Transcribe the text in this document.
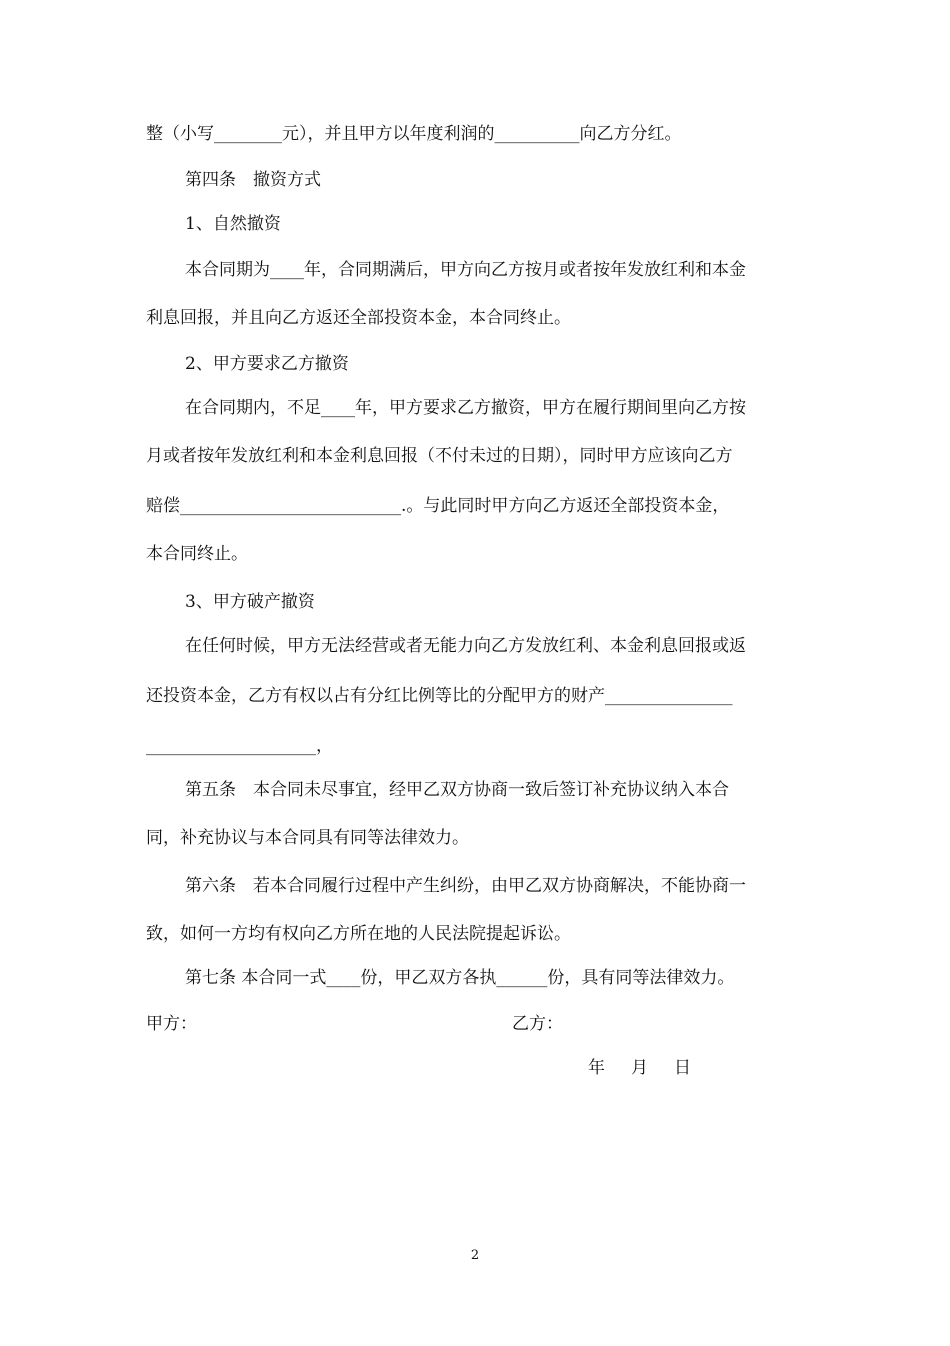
整（小写________元），并且甲方以年度利润的__________向乙方分红。
第四条　撤资方式
1、自然撤资
本合同期为____年，合同期满后，甲方向乙方按月或者按年发放红利和本金
利息回报，并且向乙方返还全部投资本金，本合同终止。
2、甲方要求乙方撤资
在合同期内，不足____年，甲方要求乙方撤资，甲方在履行期间里向乙方按
月或者按年发放红利和本金利息回报（不付未过的日期），同时甲方应该向乙方
赔偿__________________________.。与此同时甲方向乙方返还全部投资本金，
本合同终止。
3、甲方破产撤资
在任何时候，甲方无法经营或者无能力向乙方发放红利、本金利息回报或返
还投资本金，乙方有权以占有分红比例等比的分配甲方的财产_______________
____________________，
第五条　本合同未尽事宜，经甲乙双方协商一致后签订补充协议纳入本合
同，补充协议与本合同具有同等法律效力。
第六条　若本合同履行过程中产生纠纷，由甲乙双方协商解决，不能协商一
致，如何一方均有权向乙方所在地的人民法院提起诉讼。
第七条 本合同一式____份，甲乙双方各执______份，具有同等法律效力。
甲方：	乙方：
年 月 日
2
